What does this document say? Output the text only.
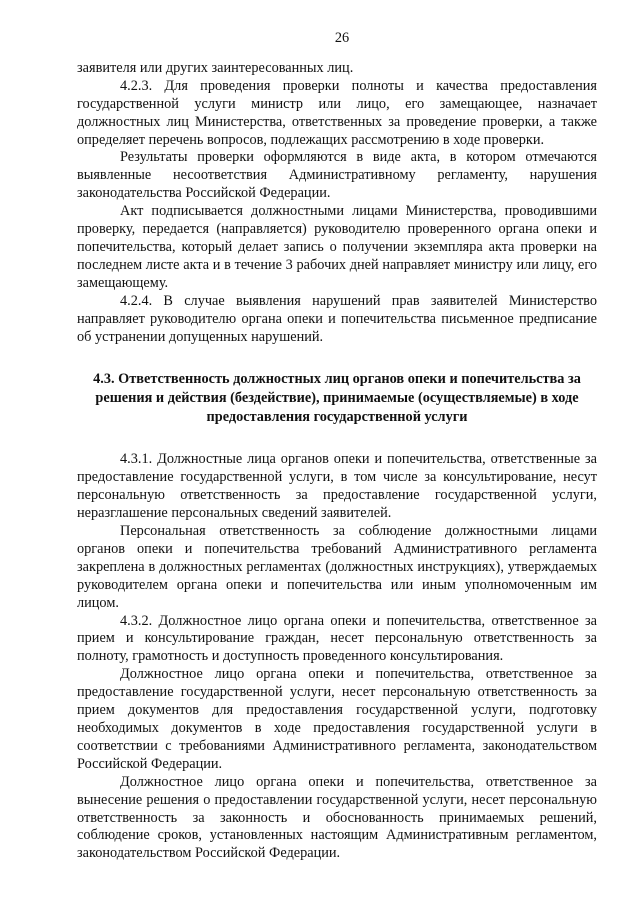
26

заявителя или других заинтересованных лиц.

4.2.3. Для проведения проверки полноты и качества предоставления государственной услуги министр или лицо, его замещающее, назначает должностных лиц Министерства, ответственных за проведение проверки, а также определяет перечень вопросов, подлежащих рассмотрению в ходе проверки.

Результаты проверки оформляются в виде акта, в котором отмечаются выявленные несоответствия Административному регламенту, нарушения законодательства Российской Федерации.

Акт подписывается должностными лицами Министерства, проводившими проверку, передается (направляется) руководителю проверенного органа опеки и попечительства, который делает запись о получении экземпляра акта проверки на последнем листе акта и в течение 3 рабочих дней направляет министру или лицу, его замещающему.

4.2.4. В случае выявления нарушений прав заявителей Министерство направляет руководителю органа опеки и попечительства письменное предписание об устранении допущенных нарушений.

4.3. Ответственность должностных лиц органов опеки и попечительства за решения и действия (бездействие), принимаемые (осуществляемые) в ходе предоставления государственной услуги

4.3.1. Должностные лица органов опеки и попечительства, ответственные за предоставление государственной услуги, в том числе за консультирование, несут персональную ответственность за предоставление государственной услуги, неразглашение персональных сведений заявителей.

Персональная ответственность за соблюдение должностными лицами органов опеки и попечительства требований Административного регламента закреплена в должностных регламентах (должностных инструкциях), утверждаемых руководителем органа опеки и попечительства или иным уполномоченным им лицом.

4.3.2. Должностное лицо органа опеки и попечительства, ответственное за прием и консультирование граждан, несет персональную ответственность за полноту, грамотность и доступность проведенного консультирования.

Должностное лицо органа опеки и попечительства, ответственное за предоставление государственной услуги, несет персональную ответственность за прием документов для предоставления государственной услуги, подготовку необходимых документов в ходе предоставления государственной услуги в соответствии с требованиями Административного регламента, законодательством Российской Федерации.

Должностное лицо органа опеки и попечительства, ответственное за вынесение решения о предоставлении государственной услуги, несет персональную ответственность за законность и обоснованность принимаемых решений, соблюдение сроков, установленных настоящим Административным регламентом, законодательством Российской Федерации.
